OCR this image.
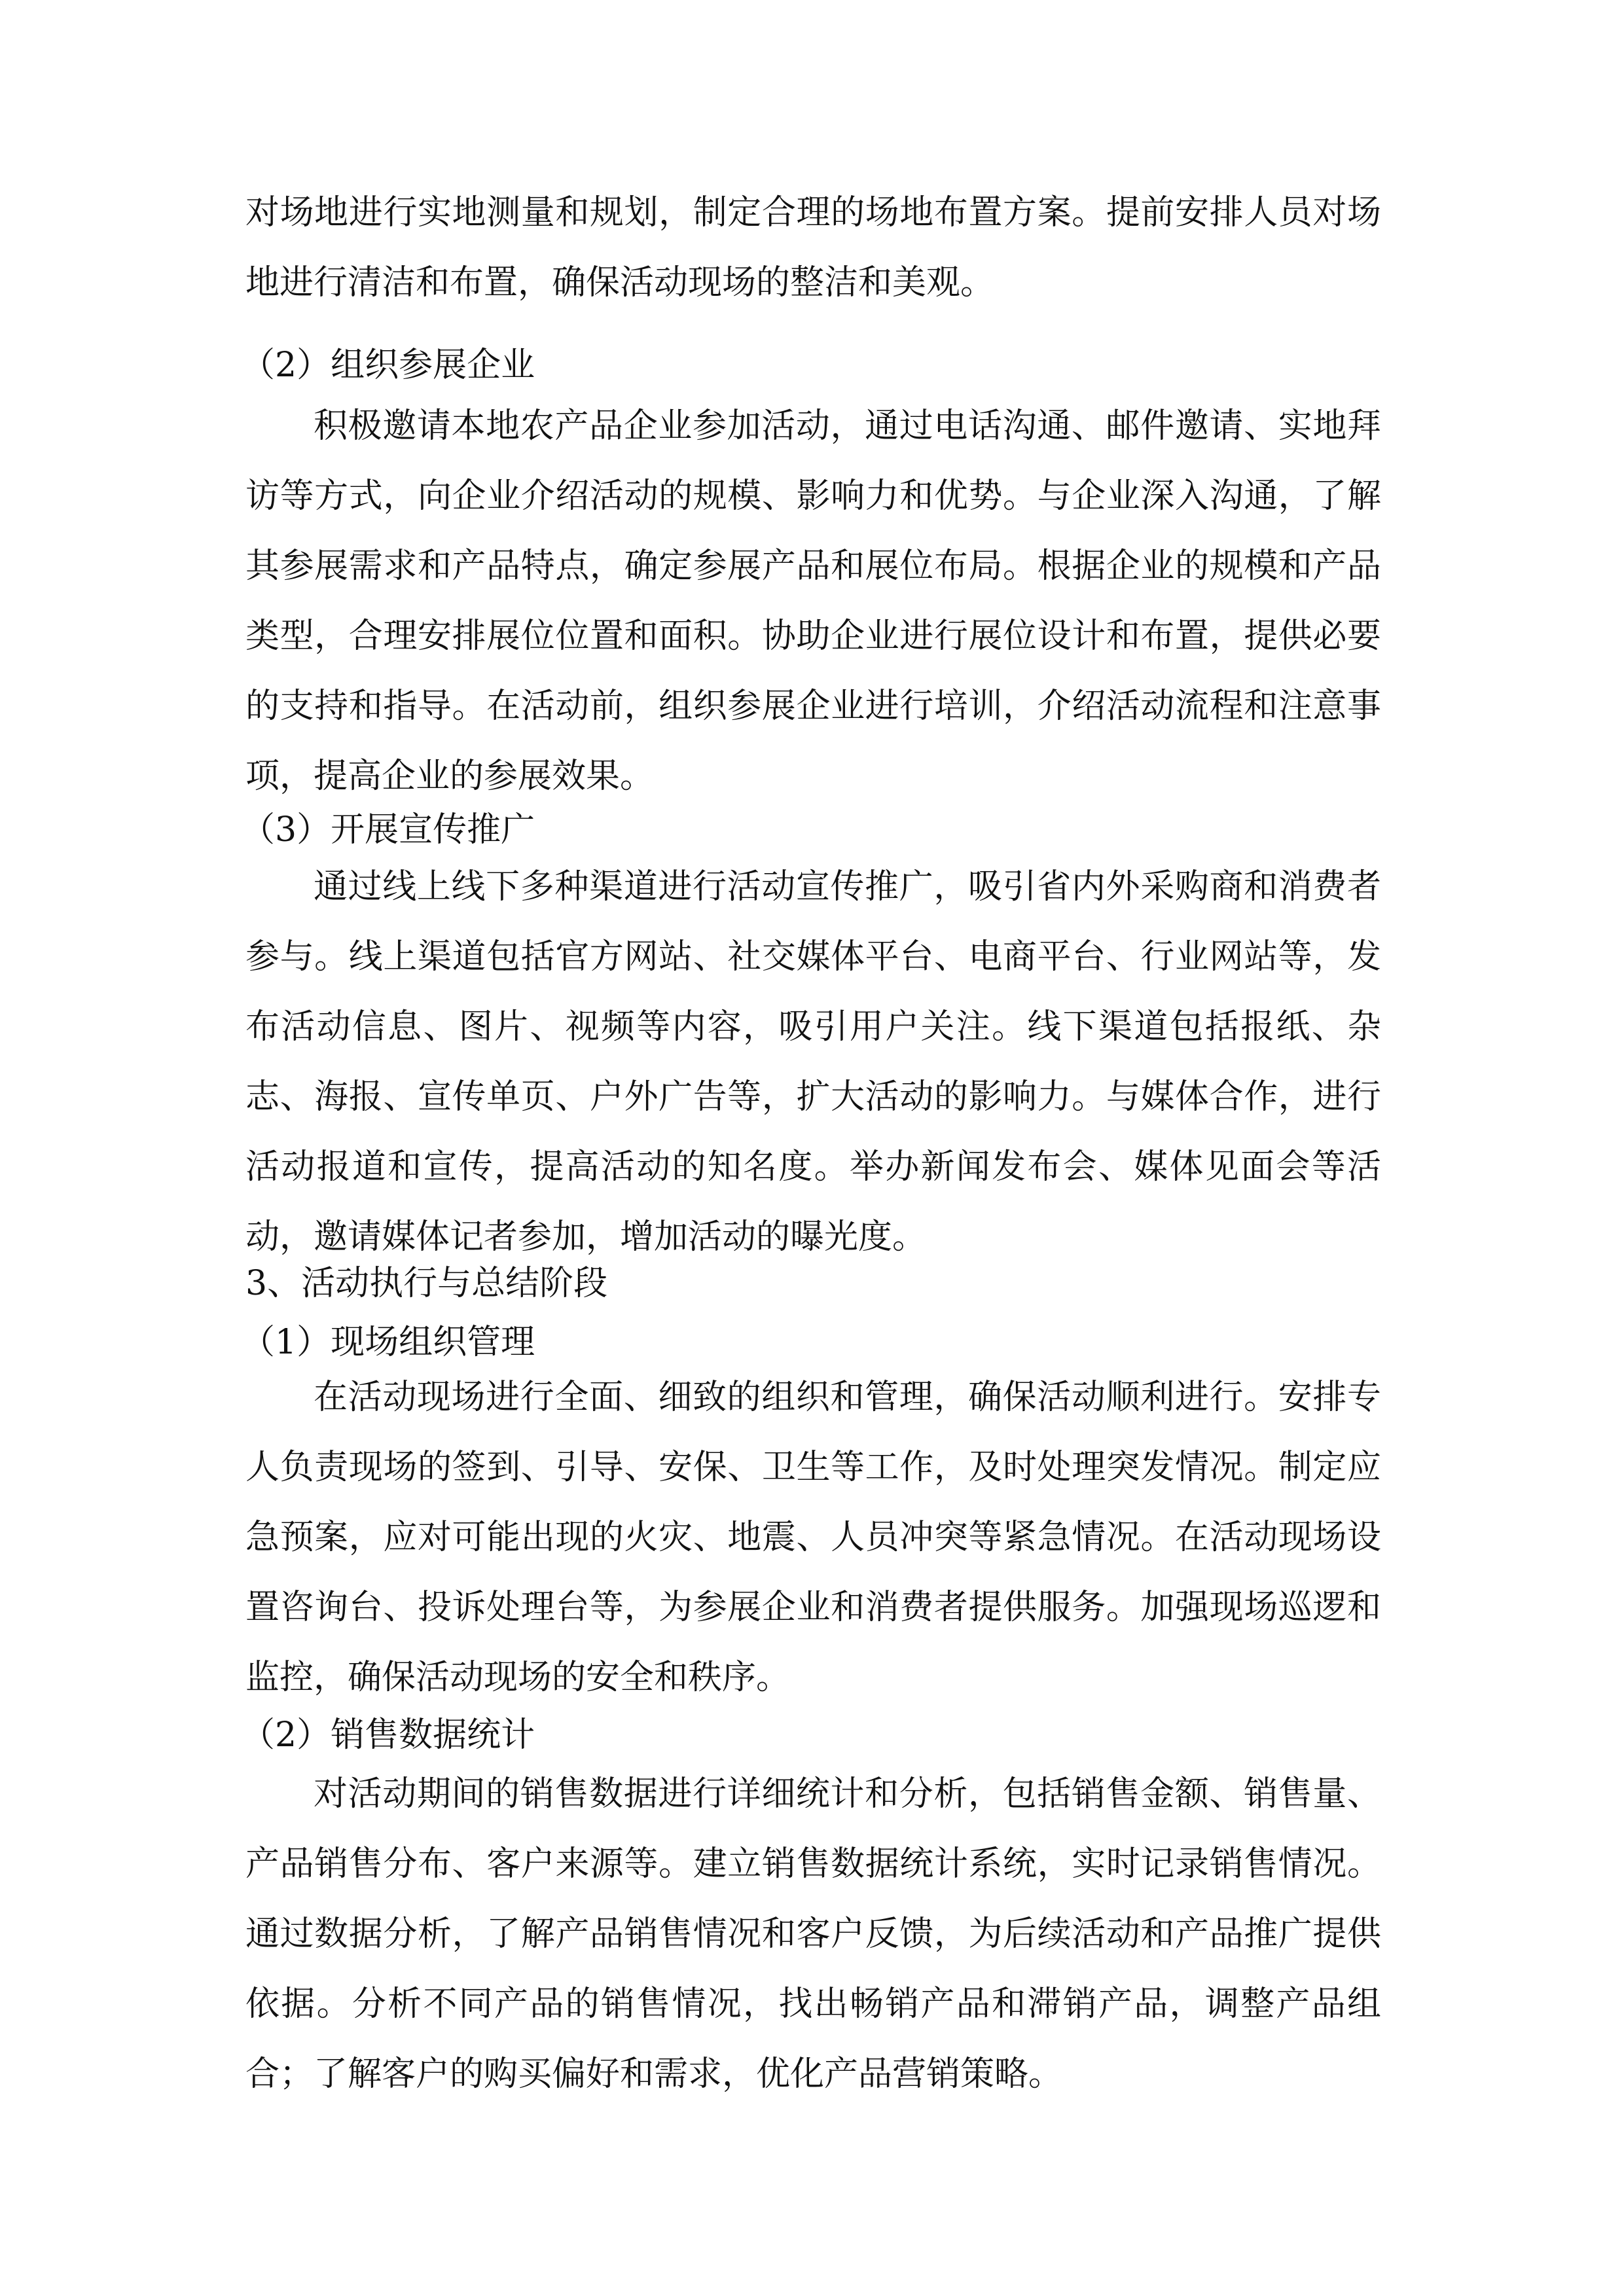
对场地进行实地测量和规划，制定合理的场地布置方案。提前安排人员对场地进行清洁和布置，确保活动现场的整洁和美观。

（2）组织参展企业

积极邀请本地农产品企业参加活动，通过电话沟通、邮件邀请、实地拜访等方式，向企业介绍活动的规模、影响力和优势。与企业深入沟通，了解其参展需求和产品特点，确定参展产品和展位布局。根据企业的规模和产品类型，合理安排展位位置和面积。协助企业进行展位设计和布置，提供必要的支持和指导。在活动前，组织参展企业进行培训，介绍活动流程和注意事项，提高企业的参展效果。

（3）开展宣传推广

通过线上线下多种渠道进行活动宣传推广，吸引省内外采购商和消费者参与。线上渠道包括官方网站、社交媒体平台、电商平台、行业网站等，发布活动信息、图片、视频等内容，吸引用户关注。线下渠道包括报纸、杂志、海报、宣传单页、户外广告等，扩大活动的影响力。与媒体合作，进行活动报道和宣传，提高活动的知名度。举办新闻发布会、媒体见面会等活动，邀请媒体记者参加，增加活动的曝光度。

3、活动执行与总结阶段

（1）现场组织管理

在活动现场进行全面、细致的组织和管理，确保活动顺利进行。安排专人负责现场的签到、引导、安保、卫生等工作，及时处理突发情况。制定应急预案，应对可能出现的火灾、地震、人员冲突等紧急情况。在活动现场设置咨询台、投诉处理台等，为参展企业和消费者提供服务。加强现场巡逻和监控，确保活动现场的安全和秩序。

（2）销售数据统计

对活动期间的销售数据进行详细统计和分析，包括销售金额、销售量、产品销售分布、客户来源等。建立销售数据统计系统，实时记录销售情况。通过数据分析，了解产品销售情况和客户反馈，为后续活动和产品推广提供依据。分析不同产品的销售情况，找出畅销产品和滞销产品，调整产品组合；了解客户的购买偏好和需求，优化产品营销策略。
